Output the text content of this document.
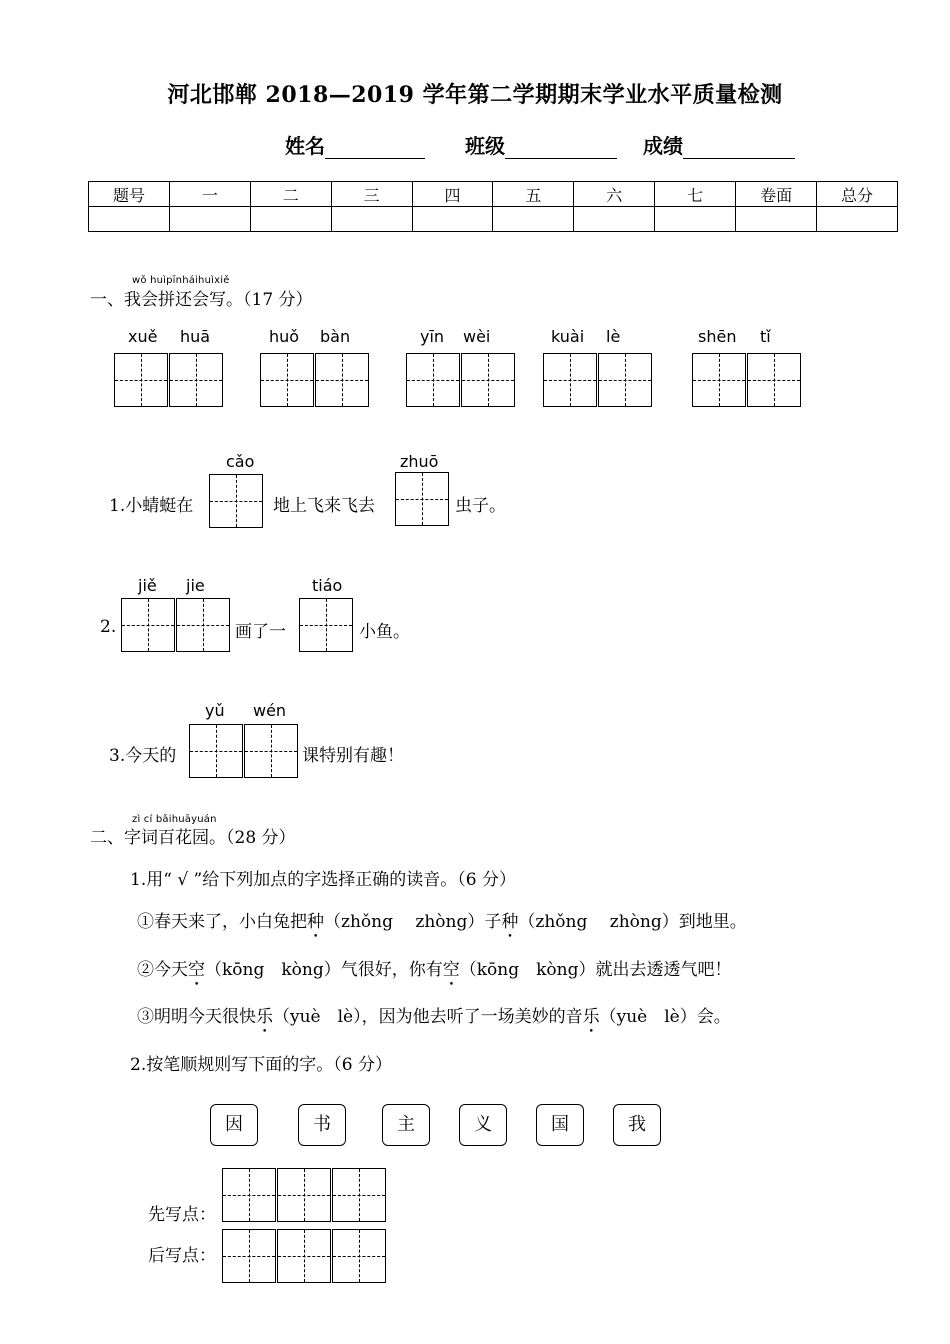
河北邯郸 2018—2019 学年第二学期期末学业水平质量检测
姓名	班级	成绩
题号	一	二	三	四	五	六	七	卷面	总分

wǒ huìpīnháihuìxiě
一、我会拼还会写。（17 分）
xuě huā	huǒ bàn	yīn wèi	kuài lè	shēn tǐ
cǎo	zhuō
1.小蜻蜓在	地上飞来飞去	虫子。
jiě jie	tiáo
2.	画了一	小鱼。
yǔ wén
3.今天的	课特别有趣！
zì cí bǎihuāyuán
二、字词百花园。（28 分）
1.用“ √ ”给下列加点的字选择正确的读音。（6 分）
①春天来了，小白兔把种（zhǒng　 zhòng）子种（zhǒng　 zhòng）到地里。
②今天空（kōng　kòng）气很好，你有空（kōng　kòng）就出去透透气吧！
③明明今天很快乐（yuè　lè），因为他去听了一场美妙的音乐（yuè　lè）会。
2.按笔顺规则写下面的字。（6 分）
因	书	主	义	国	我
先写点：
后写点：
